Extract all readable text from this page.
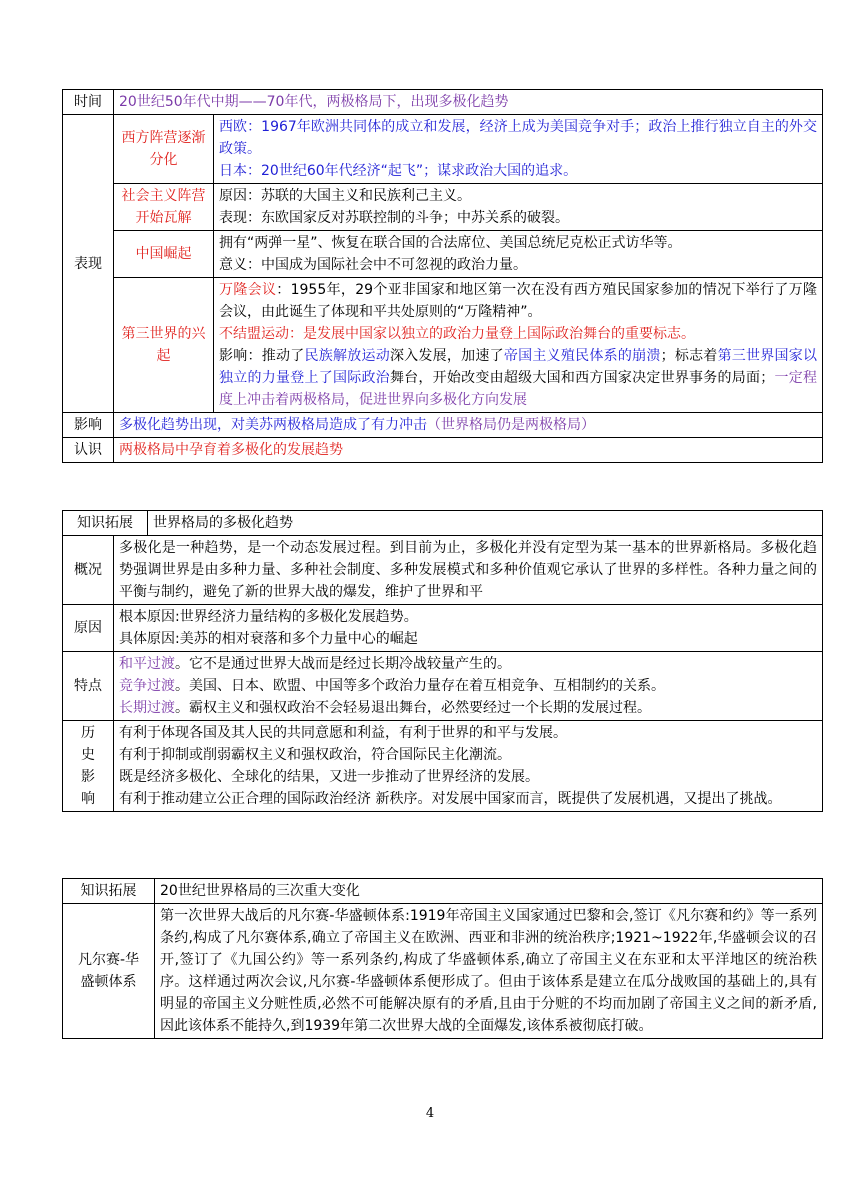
时间	20世纪50年代中期——70年代，两极格局下，出现多极化趋势	
表现	西方阵营逐渐分化	西欧：1967年欧洲共同体的成立和发展，经济上成为美国竞争对手；政治上推行独立自主的外交政策。
日本：20世纪60年代经济“起飞”；谋求政治大国的追求。

	社会主义阵营开始瓦解	原因：苏联的大国主义和民族利己主义。
表现：东欧国家反对苏联控制的斗争；中苏关系的破裂。

	中国崛起	拥有“两弹一星”、恢复在联合国的合法席位、美国总统尼克松正式访华等。
意义：中国成为国际社会中不可忽视的政治力量。

	第三世界的兴起	万隆会议：1955年，29个亚非国家和地区第一次在没有西方殖民国家参加的情况下举行了万隆会议，由此诞生了体现和平共处原则的“万隆精神”。
不结盟运动：是发展中国家以独立的政治力量登上国际政治舞台的重要标志。
影响：推动了民族解放运动深入发展，加速了帝国主义殖民体系的崩溃；标志着第三世界国家以独立的力量登上了国际政治舞台，开始改变由超级大国和西方国家决定世界事务的局面；一定程度上冲击着两极格局，促进世界向多极化方向发展

影响	多极化趋势出现，对美苏两极格局造成了有力冲击（世界格局仍是两极格局）	
认识	两极格局中孕育着多极化的发展趋势	
知识拓展		世界格局的多极化趋势
概况	多极化是一种趋势，是一个动态发展过程。到目前为止，多极化并没有定型为某一基本的世界新格局。多极化趋势强调世界是由多种力量、多种社会制度、多种发展模式和多种价值观它承认了世界的多样性。各种力量之间的平衡与制约，避免了新的世界大战的爆发，维护了世界和平	
原因	根本原因:世界经济力量结构的多极化发展趋势。
具体原因:美苏的相对衰落和多个力量中心的崛起	

特点	和平过渡。它不是通过世界大战而是经过长期冷战较量产生的。
竞争过渡。美国、日本、欧盟、中国等多个政治力量存在着互相竞争、互相制约的关系。
长期过渡。霸权主义和强权政治不会轻易退出舞台，必然要经过一个长期的发展过程。	

历史影响	有利于体现各国及其人民的共同意愿和利益，有利于世界的和平与发展。
有利于抑制或削弱霸权主义和强权政治，符合国际民主化潮流。
既是经济多极化、全球化的结果，又进一步推动了世界经济的发展。
有利于推动建立公正合理的国际政治经济 新秩序。对发展中国家而言，既提供了发展机遇，又提出了挑战。	
知识拓展	20世纪世界格局的三次重大变化
凡尔赛-华盛顿体系	第一次世界大战后的凡尔赛-华盛顿体系:1919年帝国主义国家通过巴黎和会,签订《凡尔赛和约》等一系列条约,构成了凡尔赛体系,确立了帝国主义在欧洲、西亚和非洲的统治秩序;1921~1922年,华盛顿会议的召开,签订了《九国公约》等一系列条约,构成了华盛顿体系,确立了帝国主义在东亚和太平洋地区的统治秩序。这样通过两次会议,凡尔赛-华盛顿体系便形成了。但由于该体系是建立在瓜分战败国的基础上的,具有明显的帝国主义分赃性质,必然不可能解决原有的矛盾,且由于分赃的不均而加剧了帝国主义之间的新矛盾,因此该体系不能持久,到1939年第二次世界大战的全面爆发,该体系被彻底打破。
4
